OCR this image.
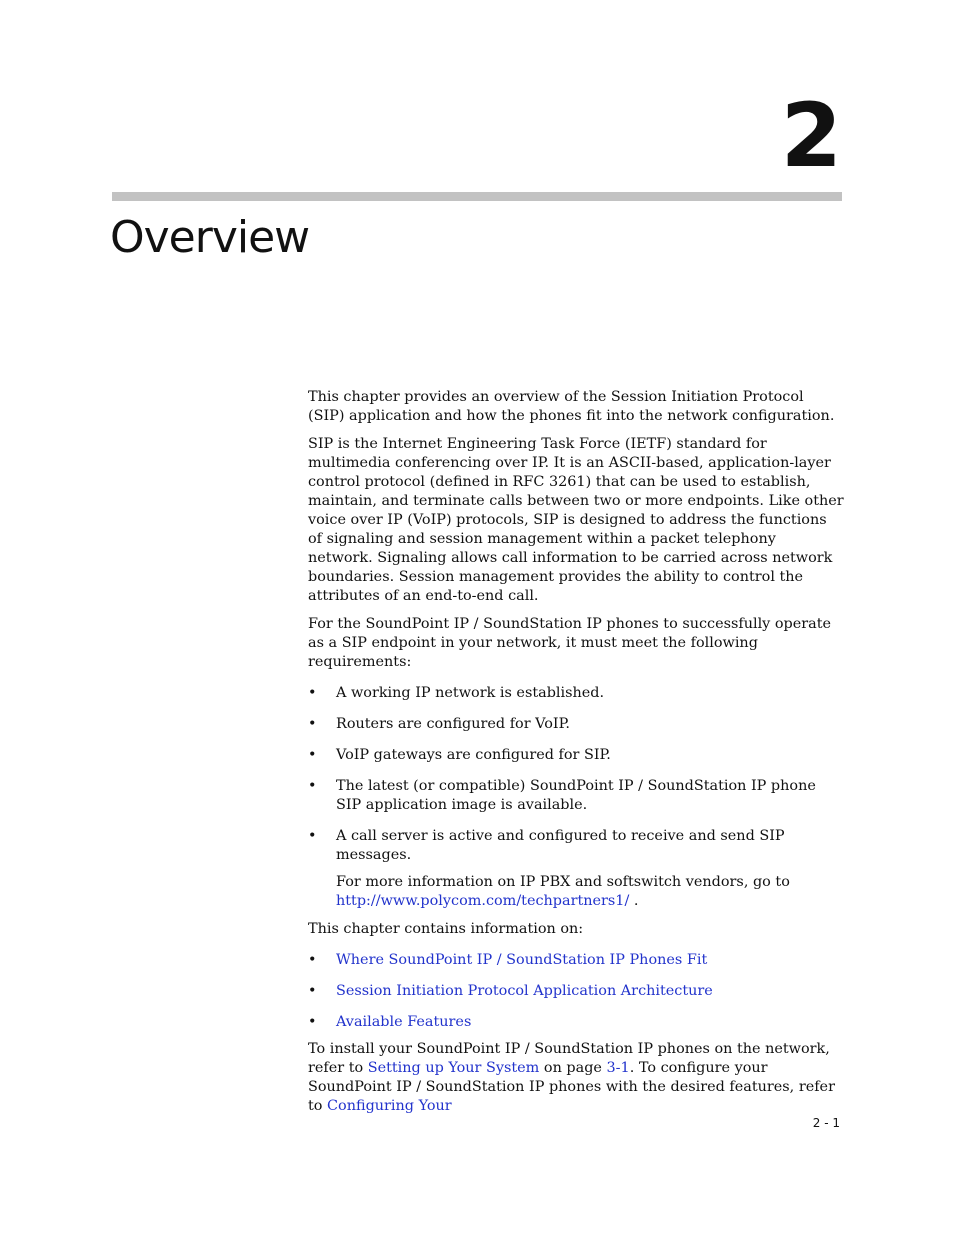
2
Overview

This chapter provides an overview of the Session Initiation Protocol (SIP) application and how the phones fit into the network configuration.

SIP is the Internet Engineering Task Force (IETF) standard for multimedia conferencing over IP. It is an ASCII-based, application-layer control protocol (defined in RFC 3261) that can be used to establish, maintain, and terminate calls between two or more endpoints. Like other voice over IP (VoIP) protocols, SIP is designed to address the functions of signaling and session management within a packet telephony network. Signaling allows call information to be carried across network boundaries. Session management provides the ability to control the attributes of an end-to-end call.

For the SoundPoint IP / SoundStation IP phones to successfully operate as a SIP endpoint in your network, it must meet the following requirements:

• A working IP network is established.
• Routers are configured for VoIP.
• VoIP gateways are configured for SIP.
• The latest (or compatible) SoundPoint IP / SoundStation IP phone SIP application image is available.
• A call server is active and configured to receive and send SIP messages.

For more information on IP PBX and softswitch vendors, go to
http://www.polycom.com/techpartners1/ .

This chapter contains information on:

• Where SoundPoint IP / SoundStation IP Phones Fit
• Session Initiation Protocol Application Architecture
• Available Features

To install your SoundPoint IP / SoundStation IP phones on the network, refer to Setting up Your System on page 3-1. To configure your SoundPoint IP / SoundStation IP phones with the desired features, refer to Configuring Your

2 - 1
